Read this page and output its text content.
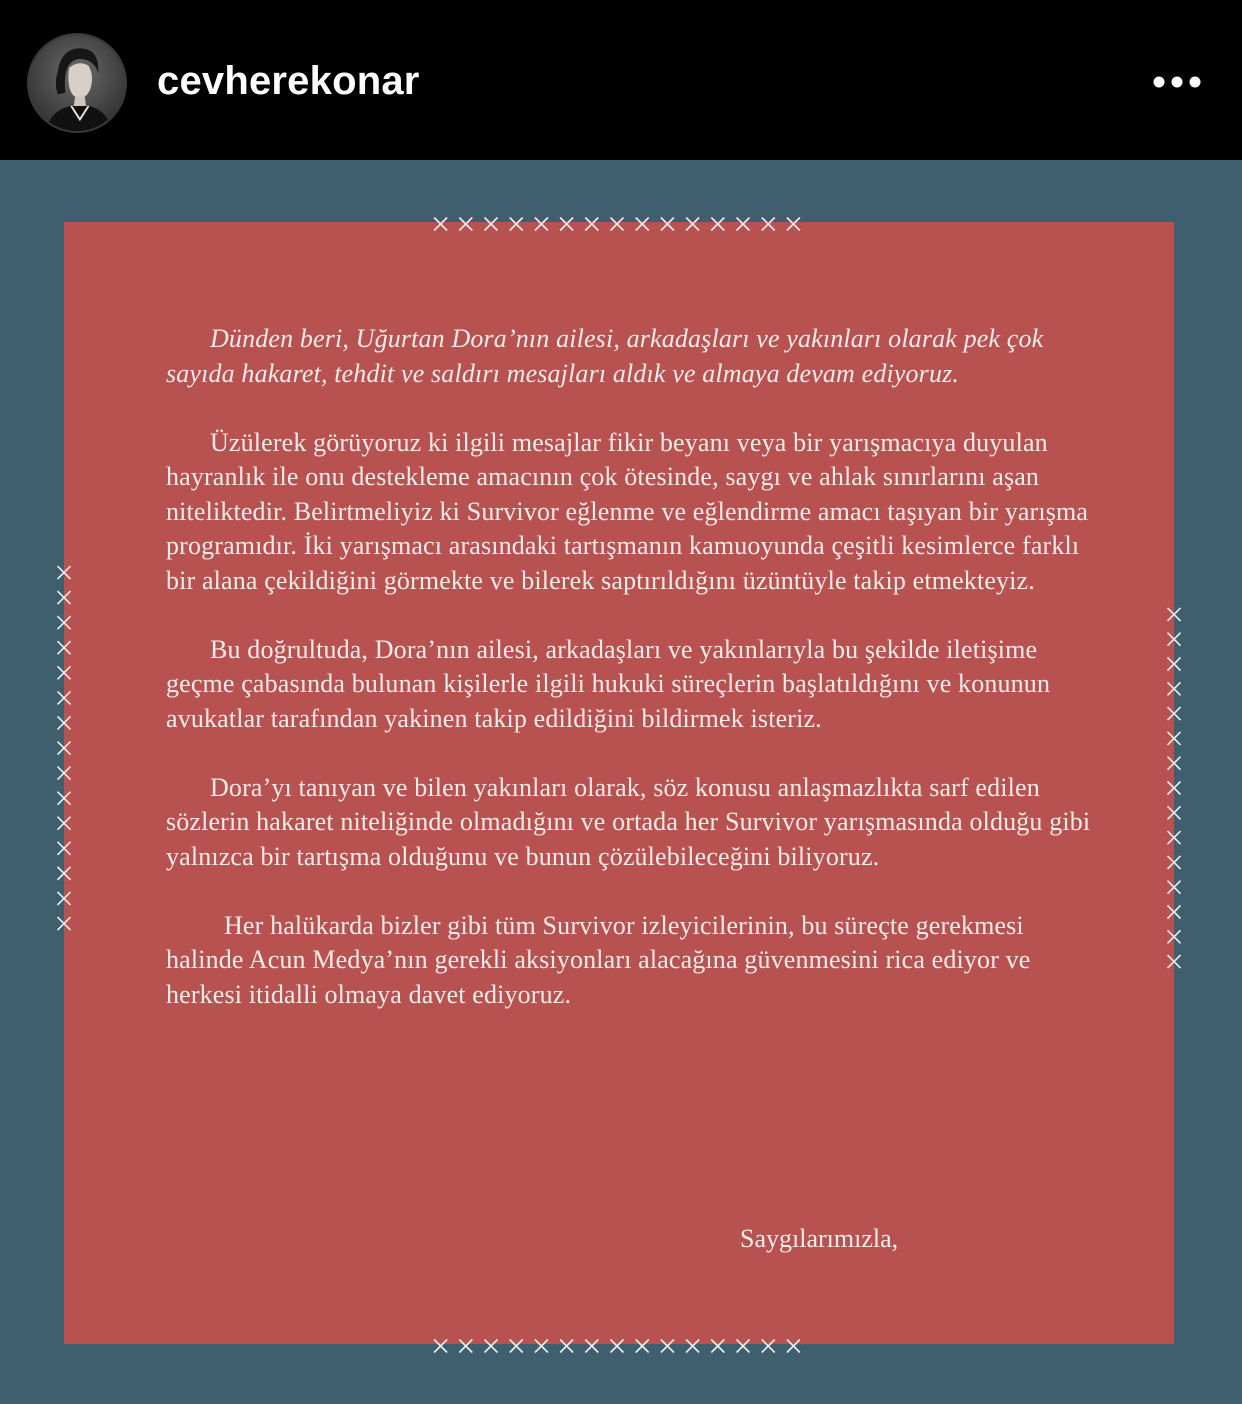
cevherekonar

Dünden beri, Uğurtan Dora’nın ailesi, arkadaşları ve yakınları olarak pek çok sayıda hakaret, tehdit ve saldırı mesajları aldık ve almaya devam ediyoruz.

Üzülerek görüyoruz ki ilgili mesajlar fikir beyanı veya bir yarışmacıya duyulan hayranlık ile onu destekleme amacının çok ötesinde, saygı ve ahlak sınırlarını aşan niteliktedir. Belirtmeliyiz ki Survivor eğlenme ve eğlendirme amacı taşıyan bir yarışma programıdır. İki yarışmacı arasındaki tartışmanın kamuoyunda çeşitli kesimlerce farklı bir alana çekildiğini görmekte ve bilerek saptırıldığını üzüntüyle takip etmekteyiz.

Bu doğrultuda, Dora’nın ailesi, arkadaşları ve yakınlarıyla bu şekilde iletişime geçme çabasında bulunan kişilerle ilgili hukuki süreçlerin başlatıldığını ve konunun avukatlar tarafından yakinen takip edildiğini bildirmek isteriz.

Dora’yı tanıyan ve bilen yakınları olarak, söz konusu anlaşmazlıkta sarf edilen sözlerin hakaret niteliğinde olmadığını ve ortada her Survivor yarışmasında olduğu gibi yalnızca bir tartışma olduğunu ve bunun çözülebileceğini biliyoruz.

Her halükarda bizler gibi tüm Survivor izleyicilerinin, bu süreçte gerekmesi halinde Acun Medya’nın gerekli aksiyonları alacağına güvenmesini rica ediyor ve herkesi itidalli olmaya davet ediyoruz.

Saygılarımızla,
